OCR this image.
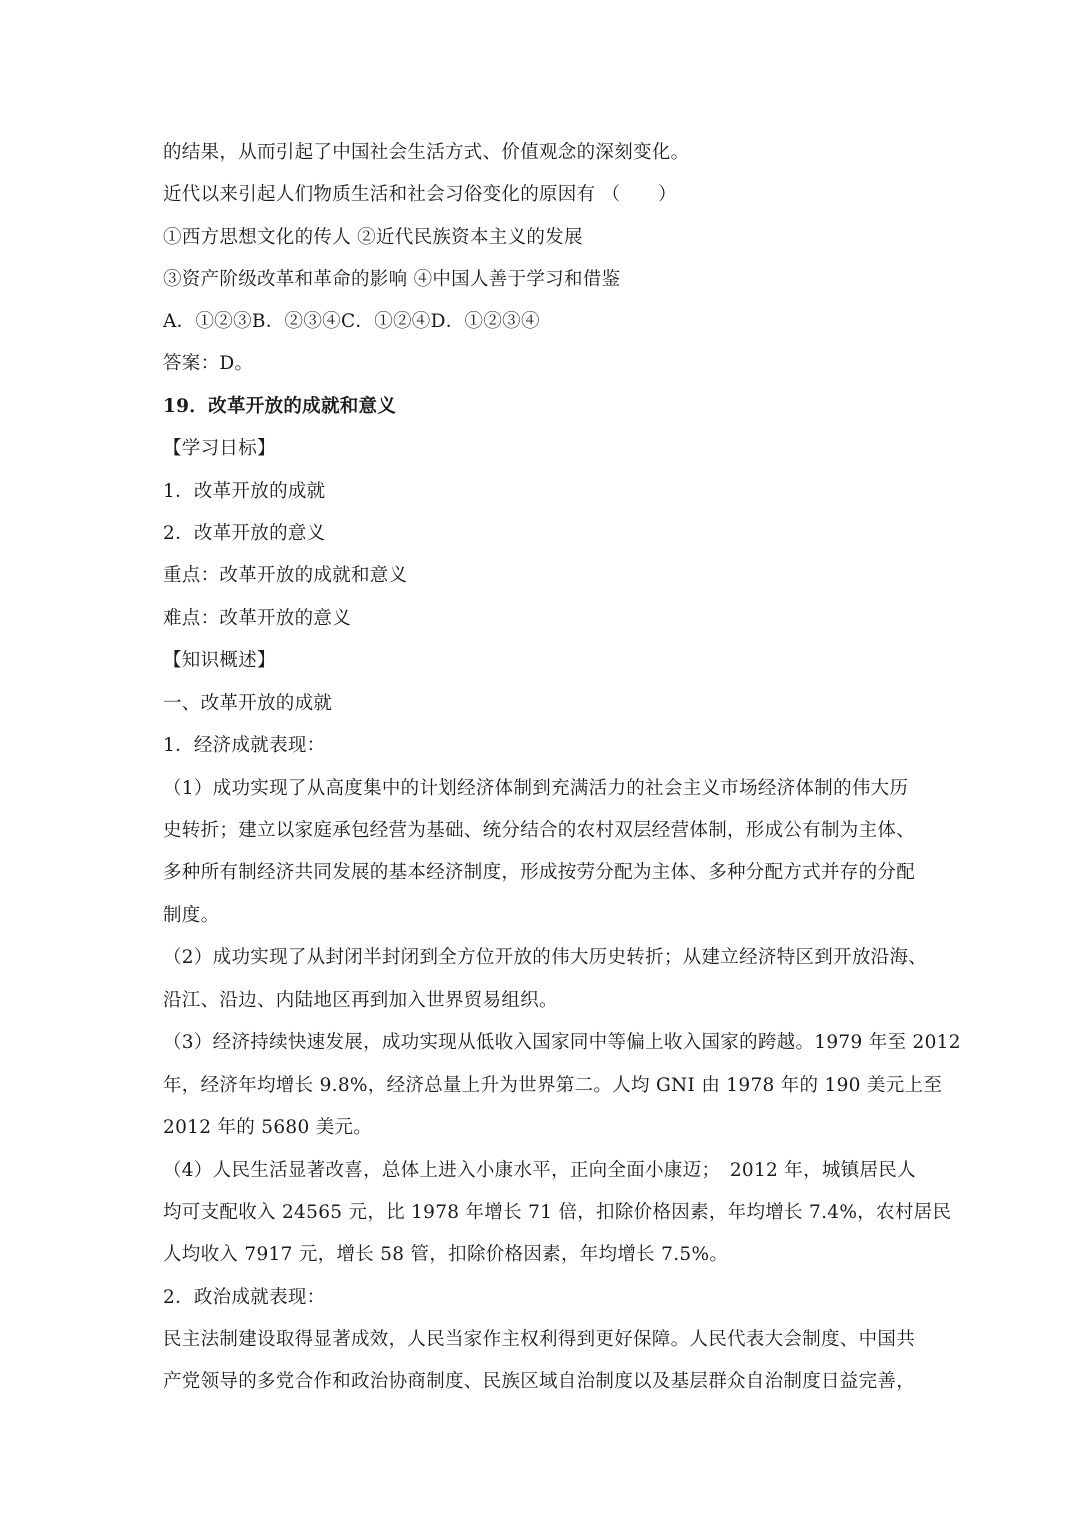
的结果，从而引起了中国社会生活方式、价值观念的深刻变化。
近代以来引起人们物质生活和社会习俗变化的原因有 （　　）
①西方思想文化的传人 ②近代民族资本主义的发展
③资产阶级改革和革命的影响 ④中国人善于学习和借鉴
A．①②③B．②③④C．①②④D．①②③④
答案：D。
19．改革开放的成就和意义
【学习日标】
1．改革开放的成就
2．改革开放的意义
重点：改革开放的成就和意义
难点：改革开放的意义
【知识概述】
一、改革开放的成就
1．经济成就表现：
（1）成功实现了从高度集中的计划经济体制到充满活力的社会主义市场经济体制的伟大历
史转折；建立以家庭承包经营为基础、统分结合的农村双层经营体制，形成公有制为主体、
多种所有制经济共同发展的基本经济制度，形成按劳分配为主体、多种分配方式并存的分配
制度。
（2）成功实现了从封闭半封闭到全方位开放的伟大历史转折；从建立经济特区到开放沿海、
沿江、沿边、内陆地区再到加入世界贸易组织。
（3）经济持续快速发展，成功实现从低收入国家同中等偏上收入国家的跨越。1979 年至 2012
年，经济年均增长 9.8%，经济总量上升为世界第二。人均 GNI 由 1978 年的 190 美元上至
2012 年的 5680 美元。
（4）人民生活显著改喜，总体上进入小康水平，正向全面小康迈；　2012 年，城镇居民人
均可支配收入 24565 元，比 1978 年增长 71 倍，扣除价格因素，年均增长 7.4%，农村居民
人均收入 7917 元，增长 58 管，扣除价格因素，年均增长 7.5%。
2．政治成就表现：
民主法制建设取得显著成效，人民当家作主权利得到更好保障。人民代表大会制度、中国共
产党领导的多党合作和政治协商制度、民族区域自治制度以及基层群众自治制度日益完善，
